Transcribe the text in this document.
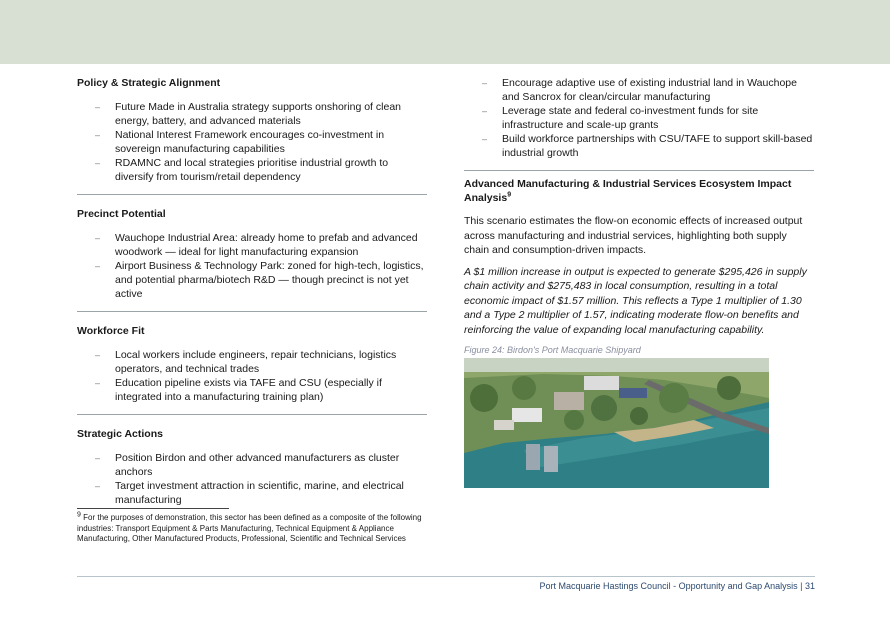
Policy & Strategic Alignment

– Future Made in Australia strategy supports onshoring of clean energy, battery, and advanced materials
– National Interest Framework encourages co-investment in sovereign manufacturing capabilities
– RDAMNC and local strategies prioritise industrial growth to diversify from tourism/retail dependency

Precinct Potential

– Wauchope Industrial Area: already home to prefab and advanced woodwork — ideal for light manufacturing expansion
– Airport Business & Technology Park: zoned for high-tech, logistics, and potential pharma/biotech R&D — though precinct is not yet active

Workforce Fit

– Local workers include engineers, repair technicians, logistics operators, and technical trades
– Education pipeline exists via TAFE and CSU (especially if integrated into a manufacturing training plan)

Strategic Actions

– Position Birdon and other advanced manufacturers as cluster anchors
– Target investment attraction in scientific, marine, and electrical manufacturing

$^9$ For the purposes of demonstration, this sector has been defined as a composite of the following industries: Transport Equipment & Parts Manufacturing, Technical Equipment & Appliance Manufacturing, Other Manufactured Products, Professional, Scientific and Technical Services

– Encourage adaptive use of existing industrial land in Wauchope and Sancrox for clean/circular manufacturing
– Leverage state and federal co-investment funds for site infrastructure and scale-up grants
– Build workforce partnerships with CSU/TAFE to support skill-based industrial growth

Advanced Manufacturing & Industrial Services Ecosystem Impact Analysis$^9$

This scenario estimates the flow-on economic effects of increased output across manufacturing and industrial services, highlighting both supply chain and consumption-driven impacts.

A $1 million increase in output is expected to generate $295,426 in supply chain activity and $275,483 in local consumption, resulting in a total economic impact of $1.57 million. This reflects a Type 1 multiplier of 1.30 and a Type 2 multiplier of 1.57, indicating moderate flow-on benefits and reinforcing the value of expanding local manufacturing capability.

Figure 24: Birdon's Port Macquarie Shipyard

Port Macquarie Hastings Council - Opportunity and Gap Analysis | 31
